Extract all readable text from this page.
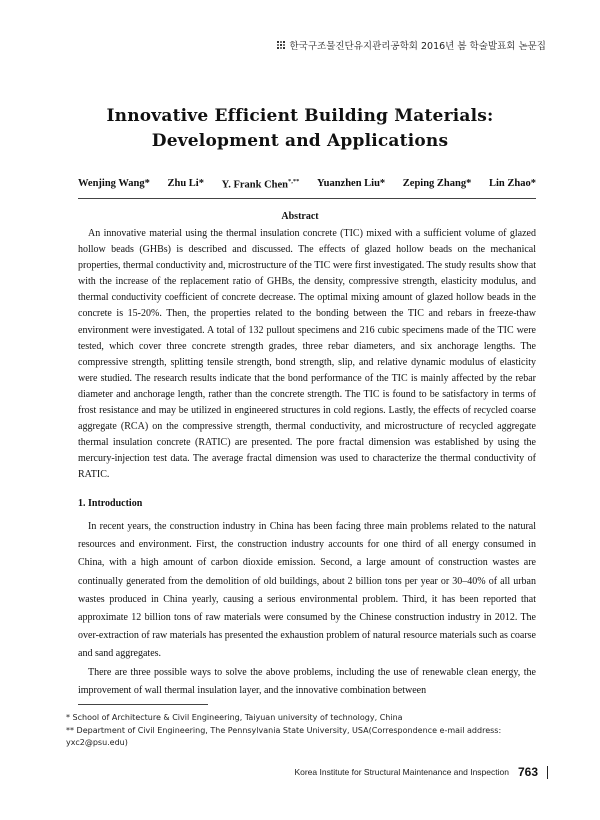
한국구조물진단유지관리공학회 2016년 봄 학술발표회 논문집
Innovative Efficient Building Materials:
Development and Applications
Wenjing Wang* Zhu Li* Y. Frank Chen*,** Yuanzhen Liu* Zeping Zhang* Lin Zhao*
Abstract

An innovative material using the thermal insulation concrete (TIC) mixed with a sufficient volume of glazed hollow beads (GHBs) is described and discussed. The effects of glazed hollow beads on the mechanical properties, thermal conductivity and, microstructure of the TIC were first investigated. The study results show that with the increase of the replacement ratio of GHBs, the density, compressive strength, elasticity modulus, and thermal conductivity coefficient of concrete decrease. The optimal mixing amount of glazed hollow beads in the concrete is 15-20%. Then, the properties related to the bonding between the TIC and rebars in freeze-thaw environment were investigated. A total of 132 pullout specimens and 216 cubic specimens made of the TIC were tested, which cover three concrete strength grades, three rebar diameters, and six anchorage lengths. The compressive strength, splitting tensile strength, bond strength, slip, and relative dynamic modulus of elasticity were studied. The research results indicate that the bond performance of the TIC is mainly affected by the rebar diameter and anchorage length, rather than the concrete strength. The TIC is found to be satisfactory in terms of frost resistance and may be utilized in engineered structures in cold regions. Lastly, the effects of recycled coarse aggregate (RCA) on the compressive strength, thermal conductivity, and microstructure of recycled aggregate thermal insulation concrete (RATIC) are presented. The pore fractal dimension was established by using the mercury-injection test data. The average fractal dimension was used to characterize the thermal conductivity of RATIC.

1. Introduction

In recent years, the construction industry in China has been facing three main problems related to the natural resources and environment. First, the construction industry accounts for one third of all energy consumed in China, with a high amount of carbon dioxide emission. Second, a large amount of construction wastes are continually generated from the demolition of old buildings, about 2 billion tons per year or 30–40% of all urban wastes produced in China yearly, causing a serious environmental problem. Third, it has been reported that approximate 12 billion tons of raw materials were consumed by the Chinese construction industry in 2012. The over-extraction of raw materials has presented the exhaustion problem of natural resource materials such as coarse and sand aggregates.

There are three possible ways to solve the above problems, including the use of renewable clean energy, the improvement of wall thermal insulation layer, and the innovative combination between

* School of Architecture & Civil Engineering, Taiyuan university of technology, China

** Department of Civil Engineering, The Pennsylvania State University, USA(Correspondence e-mail address: yxc2@psu.edu)

Korea Institute for Structural Maintenance and Inspection 763
